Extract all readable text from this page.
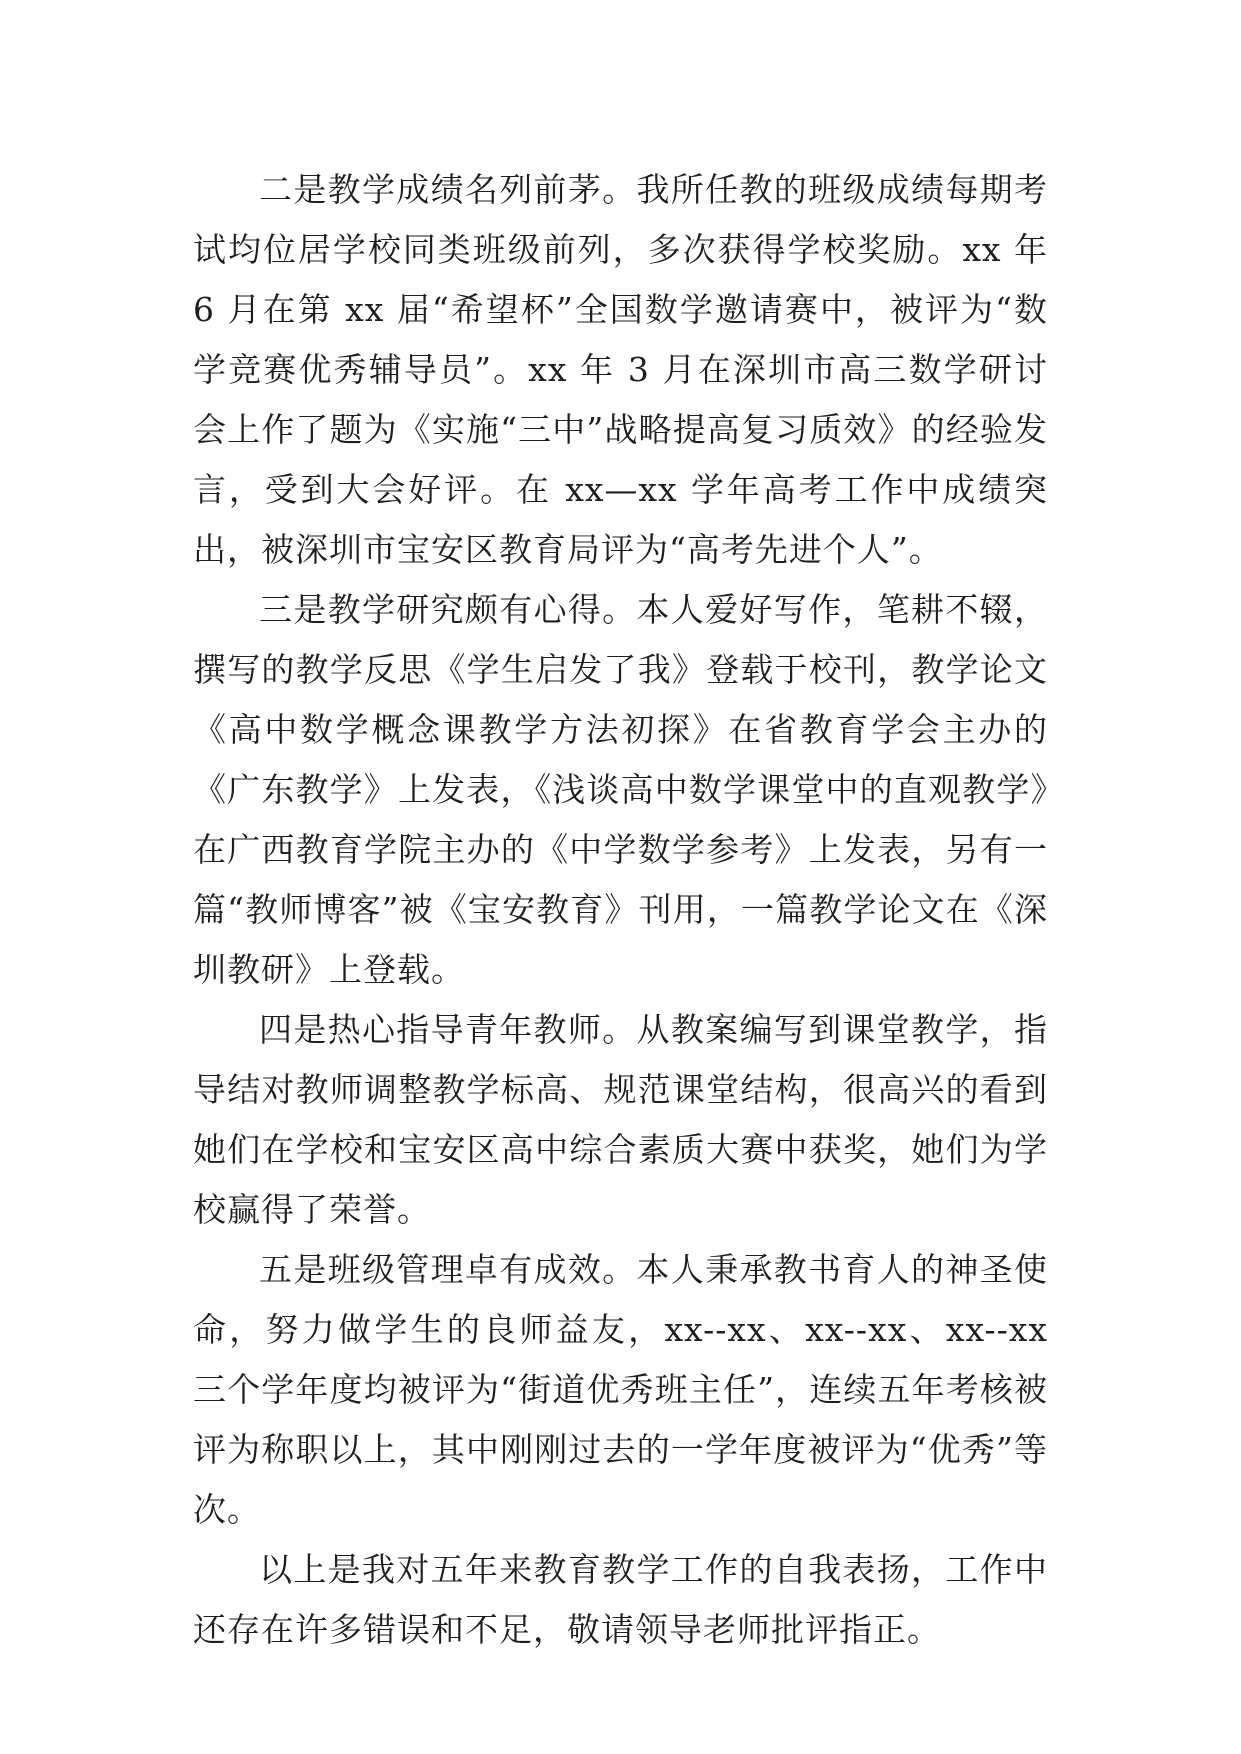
二是教学成绩名列前茅。我所任教的班级成绩每期考试均位居学校同类班级前列，多次获得学校奖励。xx 年 6 月在第 xx 届“希望杯”全国数学邀请赛中，被评为“数学竞赛优秀辅导员”。xx 年 3 月在深圳市高三数学研讨会上作了题为《实施“三中”战略提高复习质效》的经验发言，受到大会好评。在 xx—xx 学年高考工作中成绩突出，被深圳市宝安区教育局评为“高考先进个人”。

三是教学研究颇有心得。本人爱好写作，笔耕不辍，撰写的教学反思《学生启发了我》登载于校刊，教学论文《高中数学概念课教学方法初探》在省教育学会主办的《广东教学》上发表，《浅谈高中数学课堂中的直观教学》在广西教育学院主办的《中学数学参考》上发表，另有一篇“教师博客”被《宝安教育》刊用，一篇教学论文在《深圳教研》上登载。

四是热心指导青年教师。从教案编写到课堂教学，指导结对教师调整教学标高、规范课堂结构，很高兴的看到她们在学校和宝安区高中综合素质大赛中获奖，她们为学校赢得了荣誉。

五是班级管理卓有成效。本人秉承教书育人的神圣使命，努力做学生的良师益友，xx--xx、xx--xx、xx--xx 三个学年度均被评为“街道优秀班主任”，连续五年考核被评为称职以上，其中刚刚过去的一学年度被评为“优秀”等次。

以上是我对五年来教育教学工作的自我表扬，工作中还存在许多错误和不足，敬请领导老师批评指正。
